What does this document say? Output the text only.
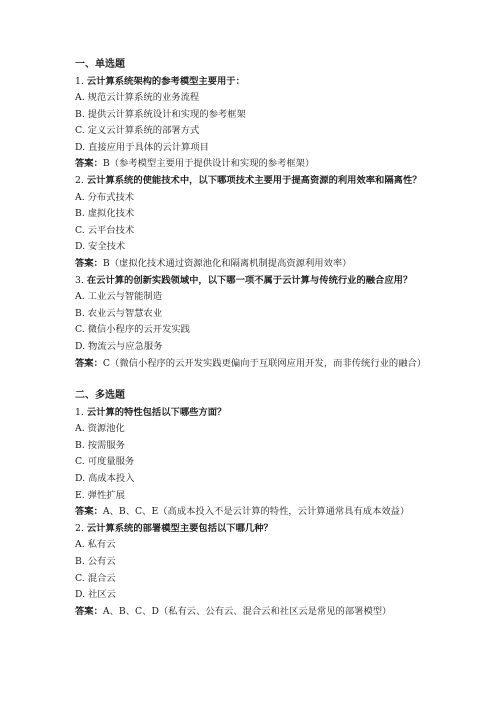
一、单选题
1. 云计算系统架构的参考模型主要用于：
A. 规范云计算系统的业务流程
B. 提供云计算系统设计和实现的参考框架
C. 定义云计算系统的部署方式
D. 直接应用于具体的云计算项目
答案：B（参考模型主要用于提供设计和实现的参考框架）
2. 云计算系统的使能技术中，以下哪项技术主要用于提高资源的利用效率和隔离性？
A. 分布式技术
B. 虚拟化技术
C. 云平台技术
D. 安全技术
答案：B（虚拟化技术通过资源池化和隔离机制提高资源利用效率）
3. 在云计算的创新实践领域中，以下哪一项不属于云计算与传统行业的融合应用？
A. 工业云与智能制造
B. 农业云与智慧农业
C. 微信小程序的云开发实践
D. 物流云与应急服务
答案：C（微信小程序的云开发实践更偏向于互联网应用开发，而非传统行业的融合）
二、多选题
1. 云计算的特性包括以下哪些方面？
A. 资源池化
B. 按需服务
C. 可度量服务
D. 高成本投入
E. 弹性扩展
答案：A、B、C、E（高成本投入不是云计算的特性，云计算通常具有成本效益）
2. 云计算系统的部署模型主要包括以下哪几种？
A. 私有云
B. 公有云
C. 混合云
D. 社区云
答案：A、B、C、D（私有云、公有云、混合云和社区云是常见的部署模型）
